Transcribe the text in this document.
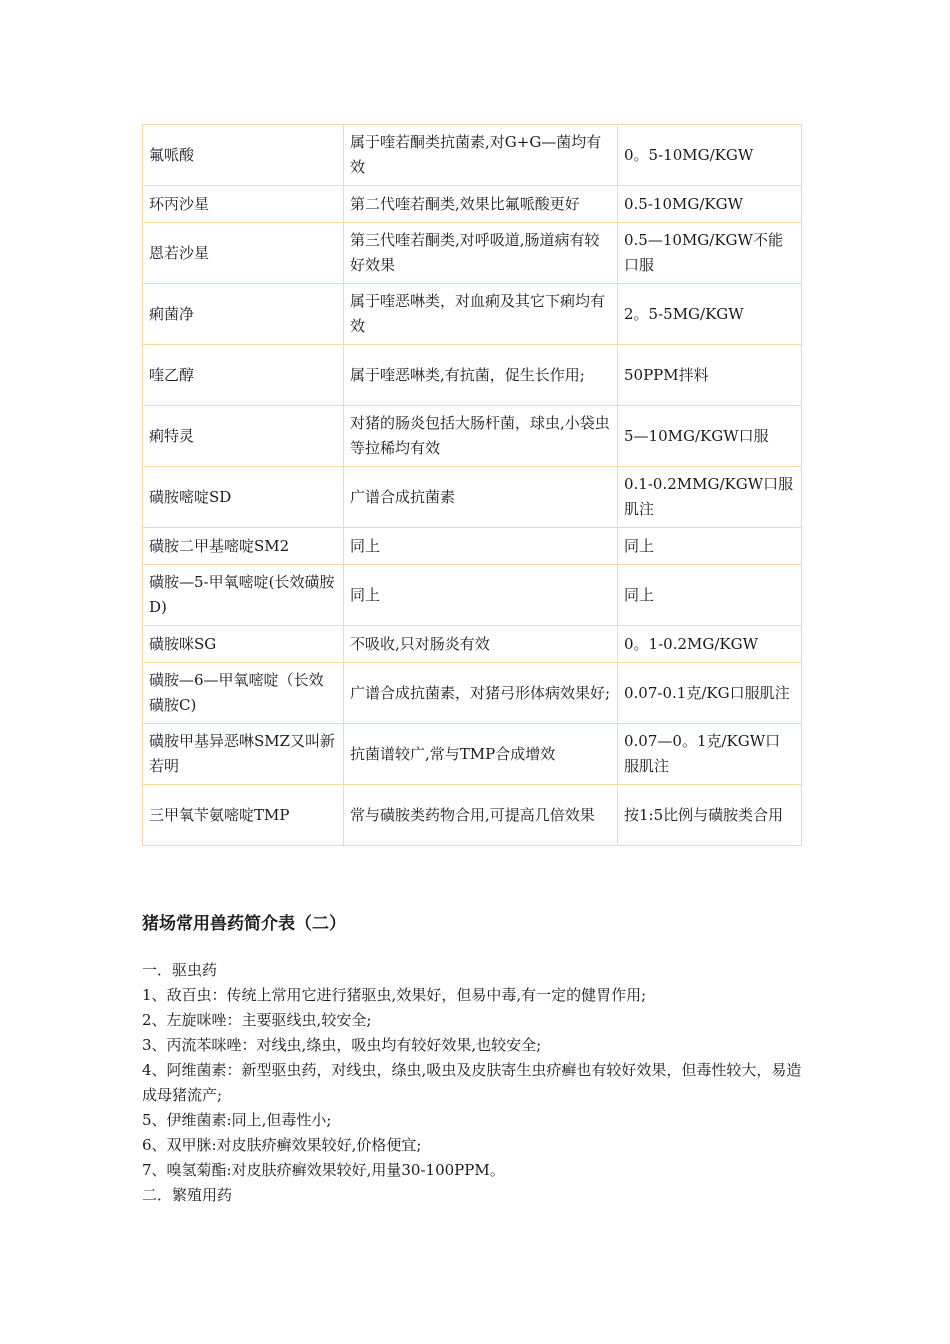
氟哌酸	属于喹若酮类抗菌素,对G+G—菌均有效	0。5-10MG/KGW
环丙沙星	第二代喹若酮类,效果比氟哌酸更好	0.5-10MG/KGW
恩若沙星	第三代喹若酮类,对呼吸道,肠道病有较好效果	0.5—10MG/KGW不能口服
痢菌净	属于喹恶啉类，对血痢及其它下痢均有效	2。5-5MG/KGW
喹乙醇	属于喹恶啉类,有抗菌，促生长作用;	50PPM拌料
痢特灵	对猪的肠炎包括大肠杆菌，球虫,小袋虫等拉稀均有效	5—10MG/KGW口服
磺胺嘧啶SD	广谱合成抗菌素	0.1-0.2MMG/KGW口服肌注
磺胺二甲基嘧啶SM2	同上	同上
磺胺—5-甲氧嘧啶(长效磺胺D)	同上	同上
磺胺咪SG	不吸收,只对肠炎有效	0。1-0.2MG/KGW
磺胺—6—甲氧嘧啶（长效磺胺C)	广谱合成抗菌素，对猪弓形体病效果好;	0.07-0.1克/KG口服肌注
磺胺甲基异恶啉SMZ又叫新若明	抗菌谱较广,常与TMP合成增效	0.07—0。1克/KGW口服肌注
三甲氧苄氨嘧啶TMP	常与磺胺类药物合用,可提高几倍效果	按1:5比例与磺胺类合用
猪场常用兽药简介表（二）

一．驱虫药

1、敌百虫：传统上常用它进行猪驱虫,效果好，但易中毒,有一定的健胃作用;

2、左旋咪唑：主要驱线虫,较安全;

3、丙流苯咪唑：对线虫,绦虫，吸虫均有较好效果,也较安全;

4、阿维菌素：新型驱虫药，对线虫，绦虫,吸虫及皮肤寄生虫疥癣也有较好效果，但毒性较大，易造成母猪流产;

5、伊维菌素:同上,但毒性小;

6、双甲脒:对皮肤疥癣效果较好,价格便宜;

7、嗅氢菊酯:对皮肤疥癣效果较好,用量30-100PPM。

二．繁殖用药
